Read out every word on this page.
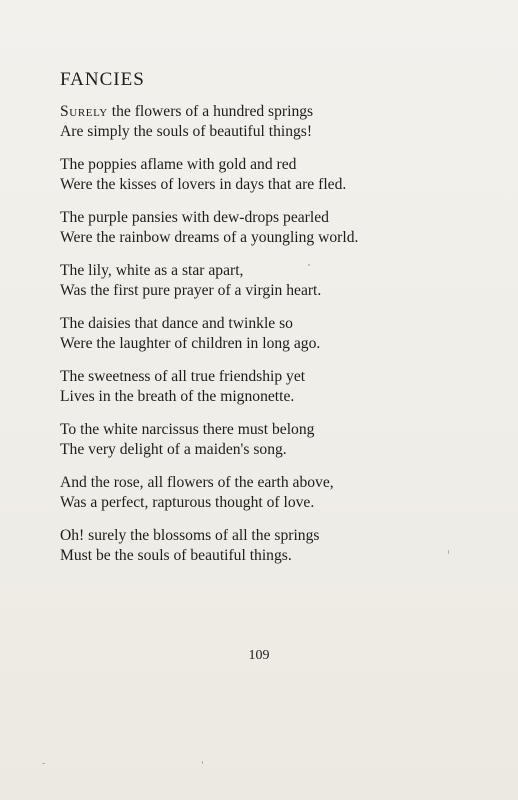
FANCIES
Surely the flowers of a hundred springs
Are simply the souls of beautiful things!
The poppies aflame with gold and red
Were the kisses of lovers in days that are fled.
The purple pansies with dew-drops pearled
Were the rainbow dreams of a youngling world.
The lily, white as a star apart,
Was the first pure prayer of a virgin heart.
The daisies that dance and twinkle so
Were the laughter of children in long ago.
The sweetness of all true friendship yet
Lives in the breath of the mignonette.
To the white narcissus there must belong
The very delight of a maiden's song.
And the rose, all flowers of the earth above,
Was a perfect, rapturous thought of love.
Oh! surely the blossoms of all the springs
Must be the souls of beautiful things.
109
